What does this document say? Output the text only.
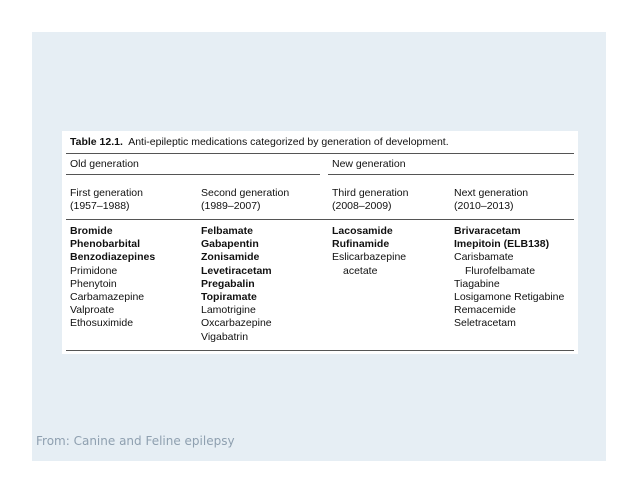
Table 12.1. Anti-epileptic medications categorized by generation of development.
Old generation	New generation
First generation
(1957–1988)
Second generation
(1989–2007)
Third generation
(2008–2009)
Next generation
(2010–2013)
Bromide
Phenobarbital
Benzodiazepines
Primidone
Phenytoin
Carbamazepine
Valproate
Ethosuximide
Felbamate
Gabapentin
Zonisamide
Levetiracetam
Pregabalin
Topiramate
Lamotrigine
Oxcarbazepine
Vigabatrin
Lacosamide
Rufinamide
Eslicarbazepine
acetate
Brivaracetam
Imepitoin (ELB138)
Carisbamate
Flurofelbamate
Tiagabine
Losigamone Retigabine
Remacemide
Seletracetam
From: Canine and Feline epilepsy
